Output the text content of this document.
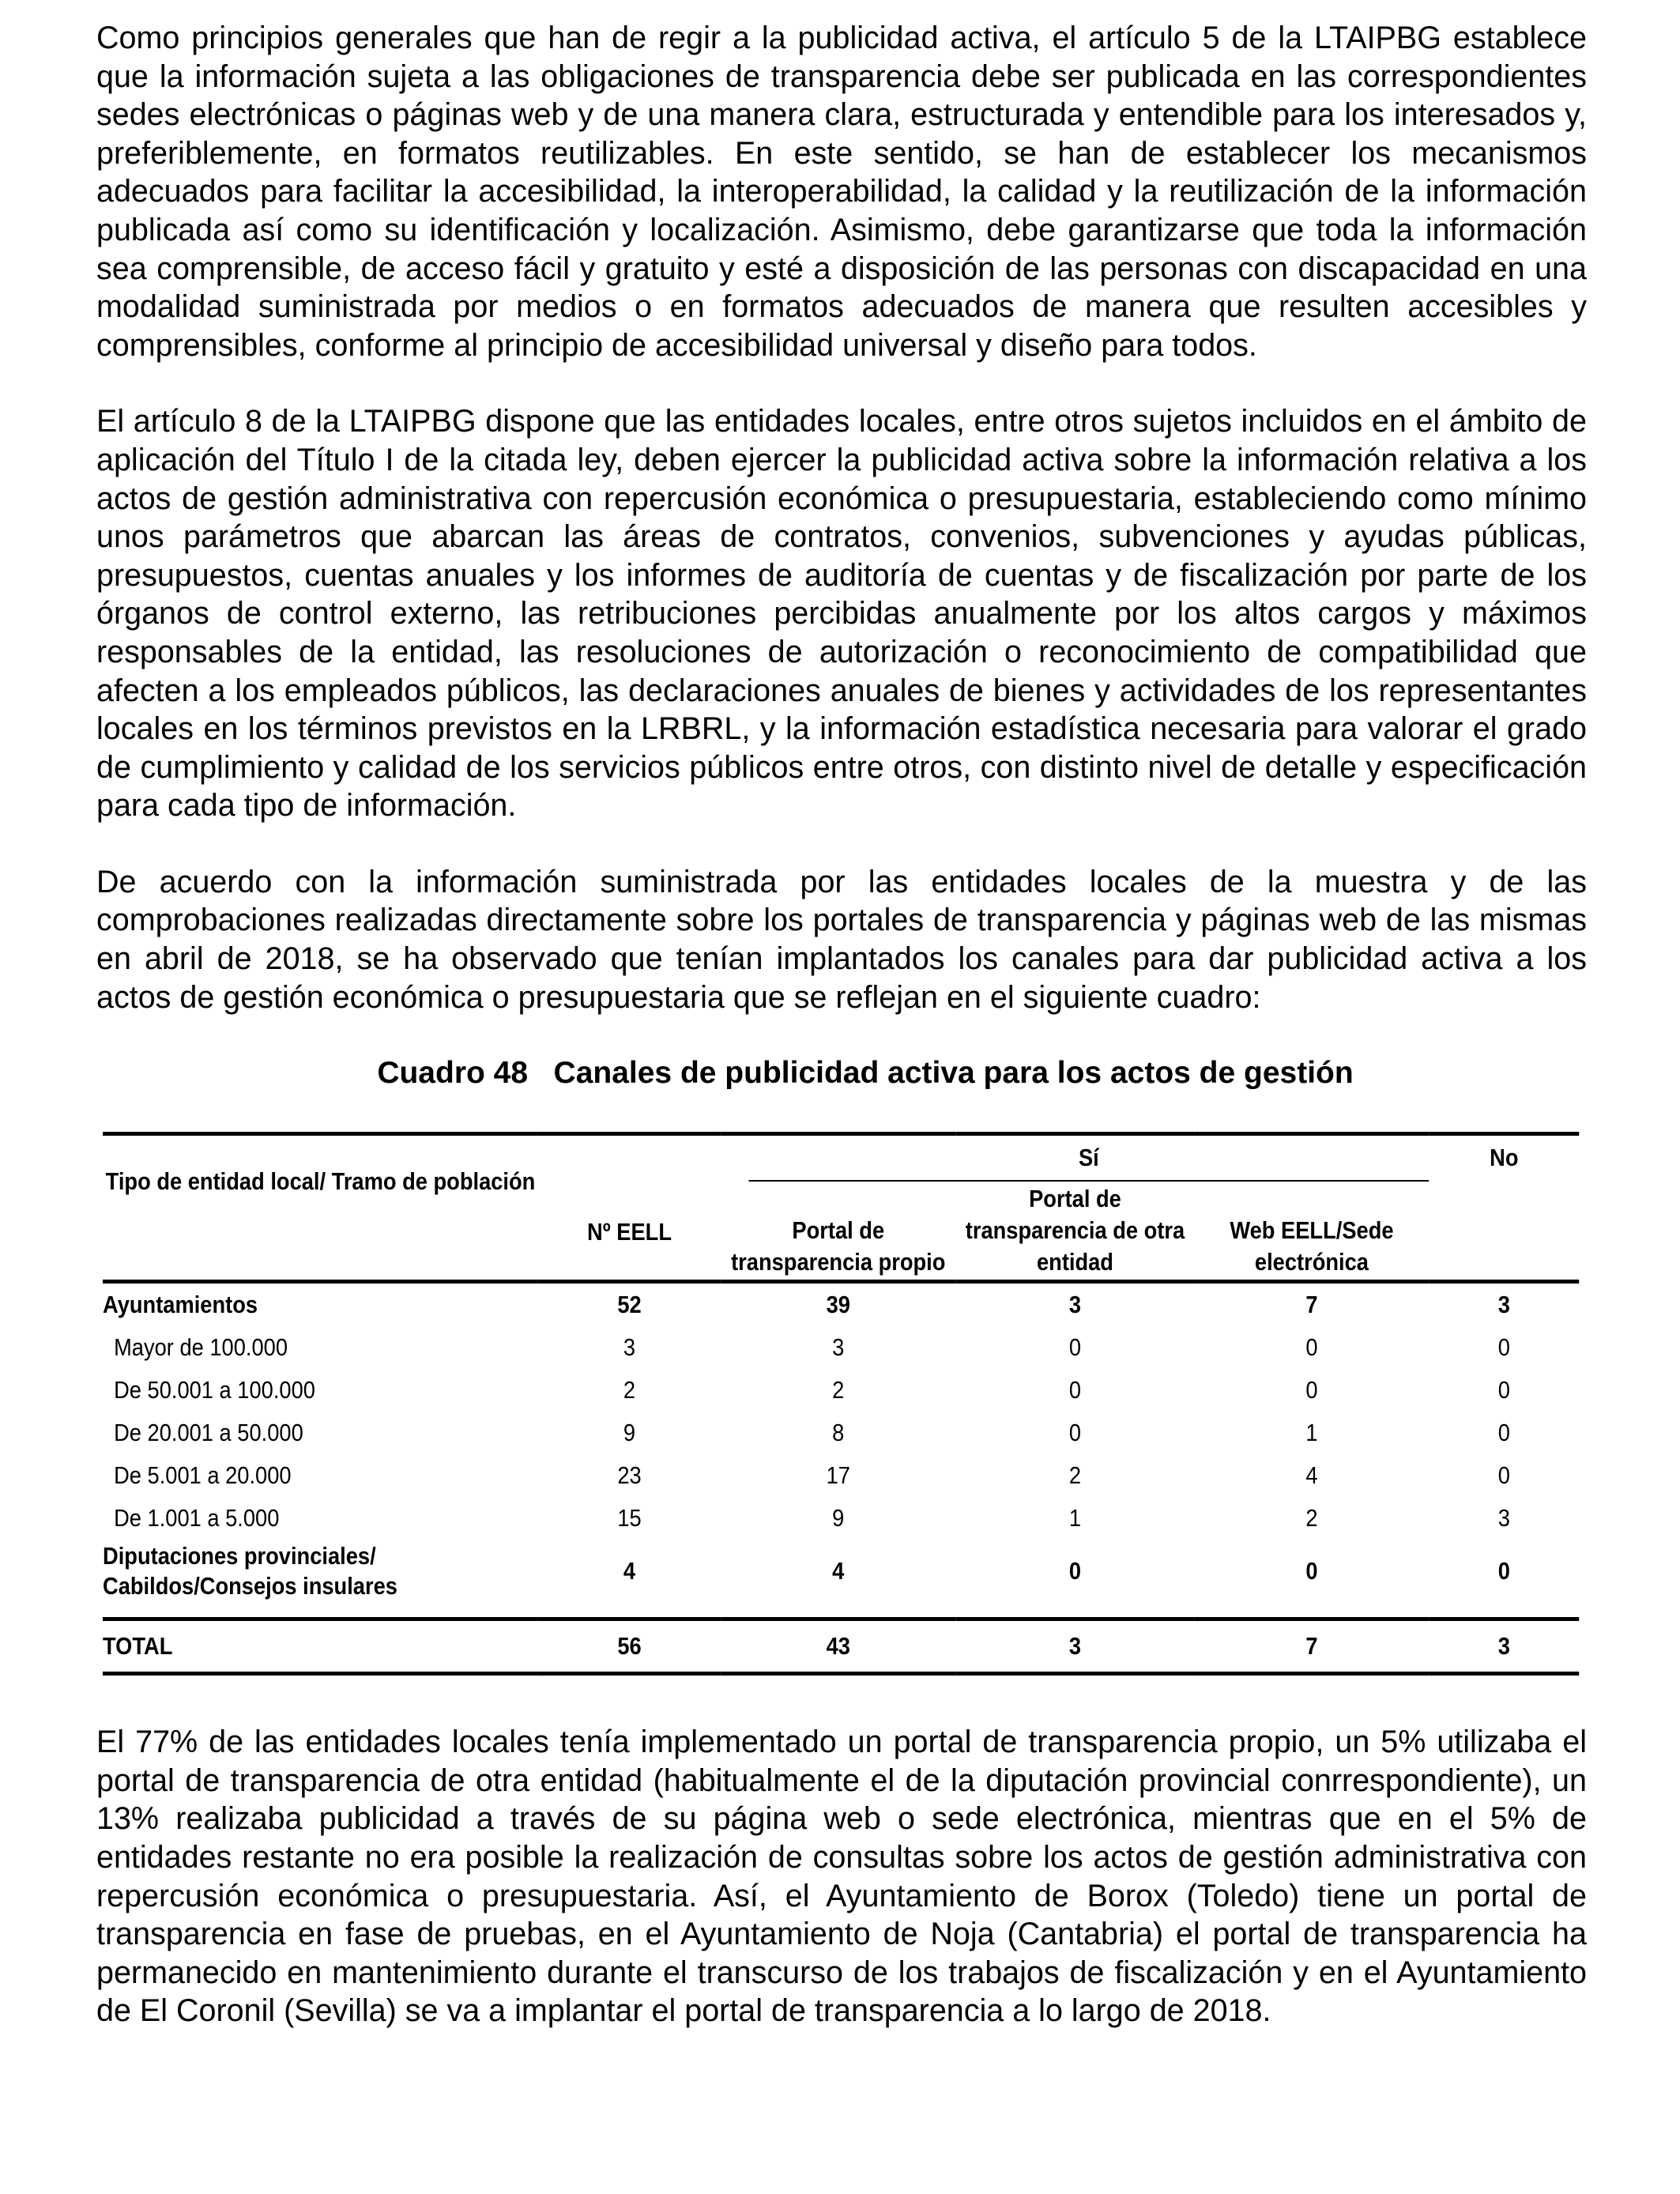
Como principios generales que han de regir a la publicidad activa, el artículo 5 de la LTAIPBG establece que la información sujeta a las obligaciones de transparencia debe ser publicada en las correspondientes sedes electrónicas o páginas web y de una manera clara, estructurada y entendible para los interesados y, preferiblemente, en formatos reutilizables. En este sentido, se han de establecer los mecanismos adecuados para facilitar la accesibilidad, la interoperabilidad, la calidad y la reutilización de la información publicada así como su identificación y localización. Asimismo, debe garantizarse que toda la información sea comprensible, de acceso fácil y gratuito y esté a disposición de las personas con discapacidad en una modalidad suministrada por medios o en formatos adecuados de manera que resulten accesibles y comprensibles, conforme al principio de accesibilidad universal y diseño para todos.

El artículo 8 de la LTAIPBG dispone que las entidades locales, entre otros sujetos incluidos en el ámbito de aplicación del Título I de la citada ley, deben ejercer la publicidad activa sobre la información relativa a los actos de gestión administrativa con repercusión económica o presupuestaria, estableciendo como mínimo unos parámetros que abarcan las áreas de contratos, convenios, subvenciones y ayudas públicas, presupuestos, cuentas anuales y los informes de auditoría de cuentas y de fiscalización por parte de los órganos de control externo, las retribuciones percibidas anualmente por los altos cargos y máximos responsables de la entidad, las resoluciones de autorización o reconocimiento de compatibilidad que afecten a los empleados públicos, las declaraciones anuales de bienes y actividades de los representantes locales en los términos previstos en la LRBRL, y la información estadística necesaria para valorar el grado de cumplimiento y calidad de los servicios públicos entre otros, con distinto nivel de detalle y especificación para cada tipo de información.

De acuerdo con la información suministrada por las entidades locales de la muestra y de las comprobaciones realizadas directamente sobre los portales de transparencia y páginas web de las mismas en abril de 2018, se ha observado que tenían implantados los canales para dar publicidad activa a los actos de gestión económica o presupuestaria que se reflejan en el siguiente cuadro:

Cuadro 48   Canales de publicidad activa para los actos de gestión
Tipo de entidad local/ Tramo de población	Nº EELL	Sí			No
		Portal de transparencia propio	Portal de transparencia de otra entidad	Web EELL/Sede electrónica	
Ayuntamientos	52	39	3	7	3
Mayor de 100.000	3	3	0	0	0
De 50.001 a 100.000	2	2	0	0	0
De 20.001 a 50.000	9	8	0	1	0
De 5.001 a 20.000	23	17	2	4	0
De 1.001 a 5.000	15	9	1	2	3
Diputaciones provinciales/ Cabildos/Consejos insulares	4	4	0	0	0

TOTAL	56	43	3	7	3

El 77% de las entidades locales tenía implementado un portal de transparencia propio, un 5% utilizaba el portal de transparencia de otra entidad (habitualmente el de la diputación provincial conrrespondiente), un 13% realizaba publicidad a través de su página web o sede electrónica, mientras que en el 5% de entidades restante no era posible la realización de consultas sobre los actos de gestión administrativa con repercusión económica o presupuestaria. Así, el Ayuntamiento de Borox (Toledo) tiene un portal de transparencia en fase de pruebas, en el Ayuntamiento de Noja (Cantabria) el portal de transparencia ha permanecido en mantenimiento durante el transcurso de los trabajos de fiscalización y en el Ayuntamiento de El Coronil (Sevilla) se va a implantar el portal de transparencia a lo largo de 2018.
